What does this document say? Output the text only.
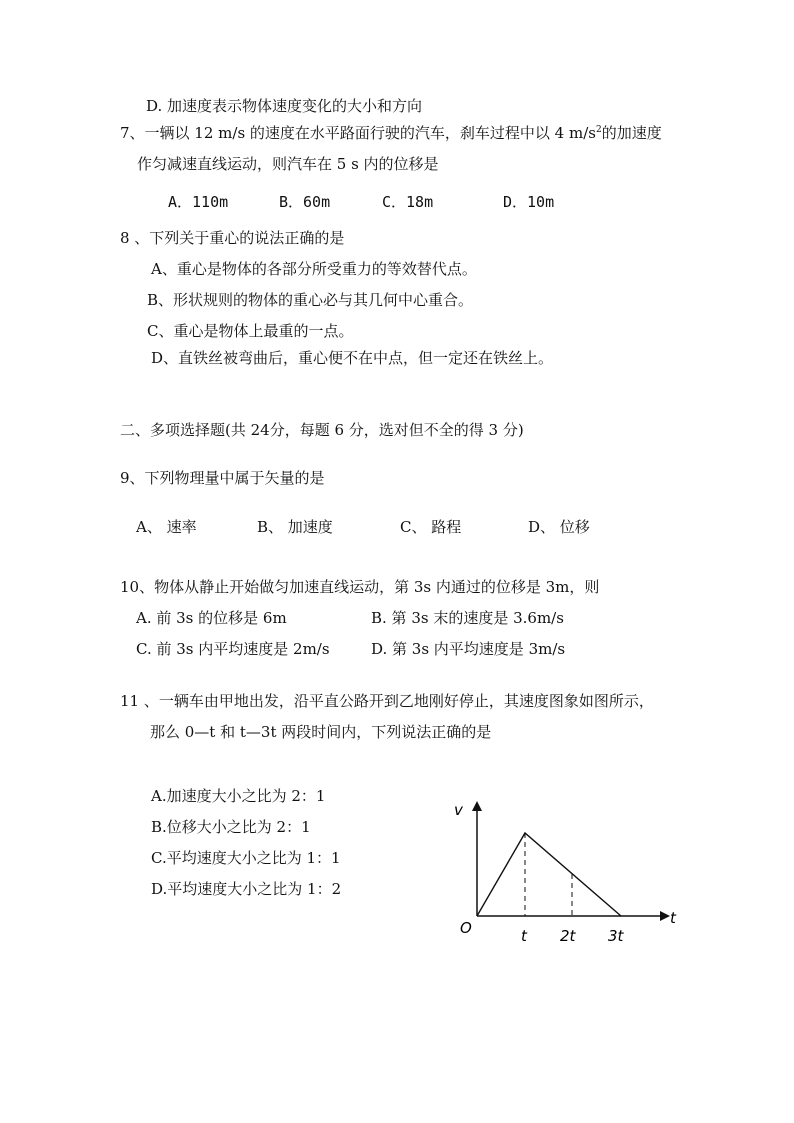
D. 加速度表示物体速度变化的大小和方向
7、一辆以 12 m/s 的速度在水平路面行驶的汽车，刹车过程中以 4 $m/s^2$的加速度
作匀减速直线运动，则汽车在 5 s 内的位移是
A．110m	B．60m	C．18m	D．10m
8 、下列关于重心的说法正确的是
A、重心是物体的各部分所受重力的等效替代点。
B、形状规则的物体的重心必与其几何中心重合。
C、重心是物体上最重的一点。
D、直铁丝被弯曲后，重心便不在中点，但一定还在铁丝上。
二、多项选择题(共 24分，每题 6 分，选对但不全的得 3 分)
9、下列物理量中属于矢量的是
A、 速率	B、 加速度	C、 路程	D、 位移
10、物体从静止开始做匀加速直线运动，第 3s 内通过的位移是 3m，则
A. 前 3s 的位移是 6m	B. 第 3s 末的速度是 3.6m/s
C. 前 3s 内平均速度是 2m/s	D. 第 3s 内平均速度是 3m/s
11 、一辆车由甲地出发，沿平直公路开到乙地刚好停止，其速度图象如图所示，
那么 0—t 和 t—3t 两段时间内，下列说法正确的是
A.加速度大小之比为 2：1
B.位移大小之比为 2：1
C.平均速度大小之比为 1：1
D.平均速度大小之比为 1：2
v
t
O	t 2t 3t
